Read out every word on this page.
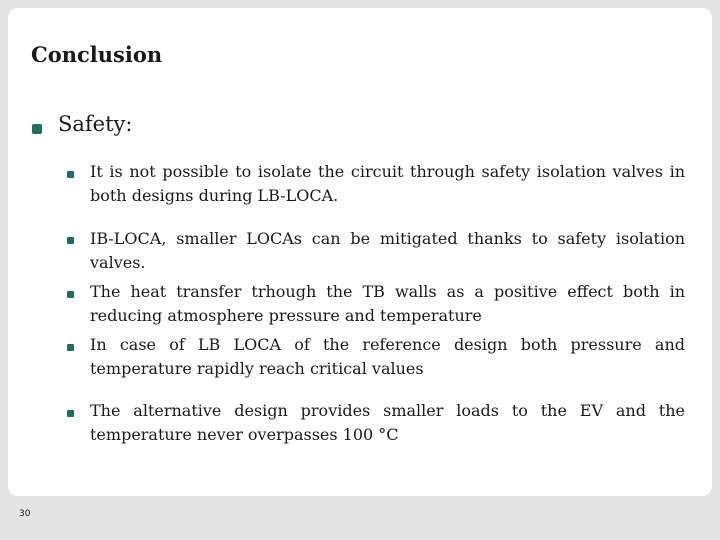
Conclusion
Safety:
It is not possible to isolate the circuit through safety isolation valves in both designs during LB-LOCA.
IB-LOCA, smaller LOCAs can be mitigated thanks to safety isolation valves.
The heat transfer trhough the TB walls as a positive effect both in reducing atmosphere pressure and temperature
In case of LB LOCA of the reference design both pressure and temperature rapidly reach critical values
The alternative design provides smaller loads to the EV and the temperature never overpasses 100 °C
30
